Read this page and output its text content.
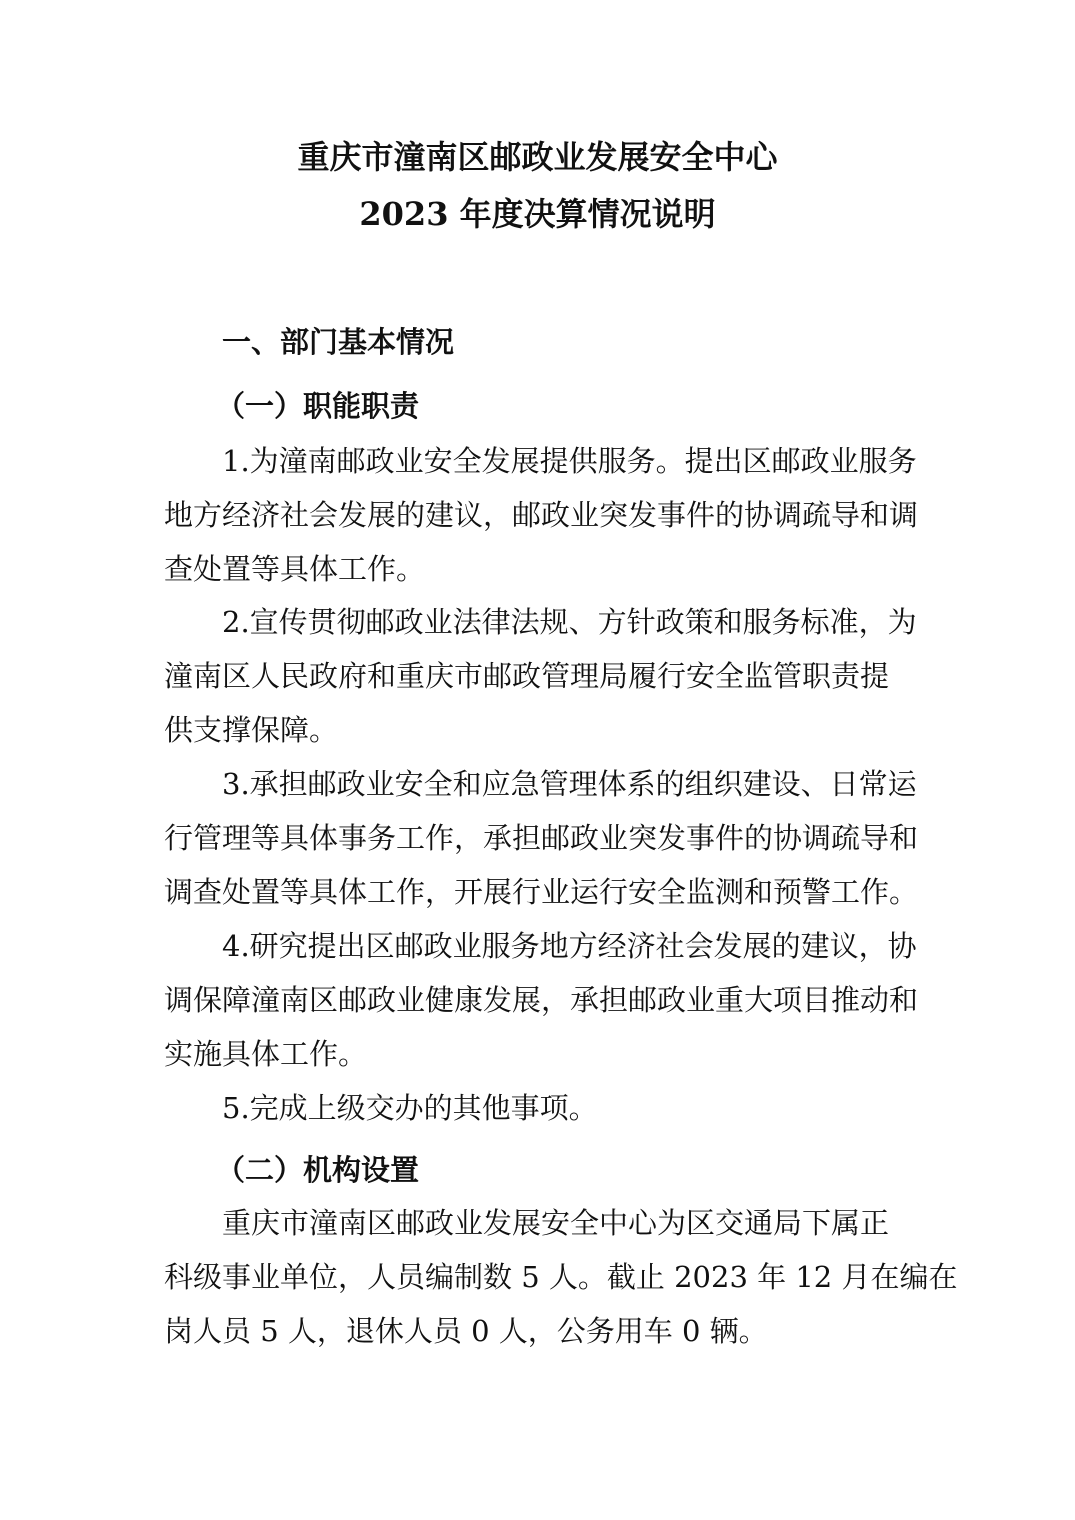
重庆市潼南区邮政业发展安全中心
2023 年度决算情况说明
一、部门基本情况
（一）职能职责

1.为潼南邮政业安全发展提供服务。提出区邮政业服务

地方经济社会发展的建议，邮政业突发事件的协调疏导和调

查处置等具体工作。

2.宣传贯彻邮政业法律法规、方针政策和服务标准，为

潼南区人民政府和重庆市邮政管理局履行安全监管职责提

供支撑保障。

3.承担邮政业安全和应急管理体系的组织建设、日常运

行管理等具体事务工作，承担邮政业突发事件的协调疏导和

调查处置等具体工作，开展行业运行安全监测和预警工作。

4.研究提出区邮政业服务地方经济社会发展的建议，协

调保障潼南区邮政业健康发展，承担邮政业重大项目推动和

实施具体工作。

5.完成上级交办的其他事项。

（二）机构设置

重庆市潼南区邮政业发展安全中心为区交通局下属正

科级事业单位，人员编制数 5 人。截止 2023 年 12 月在编在

岗人员 5 人，退休人员 0 人，公务用车 0 辆。
